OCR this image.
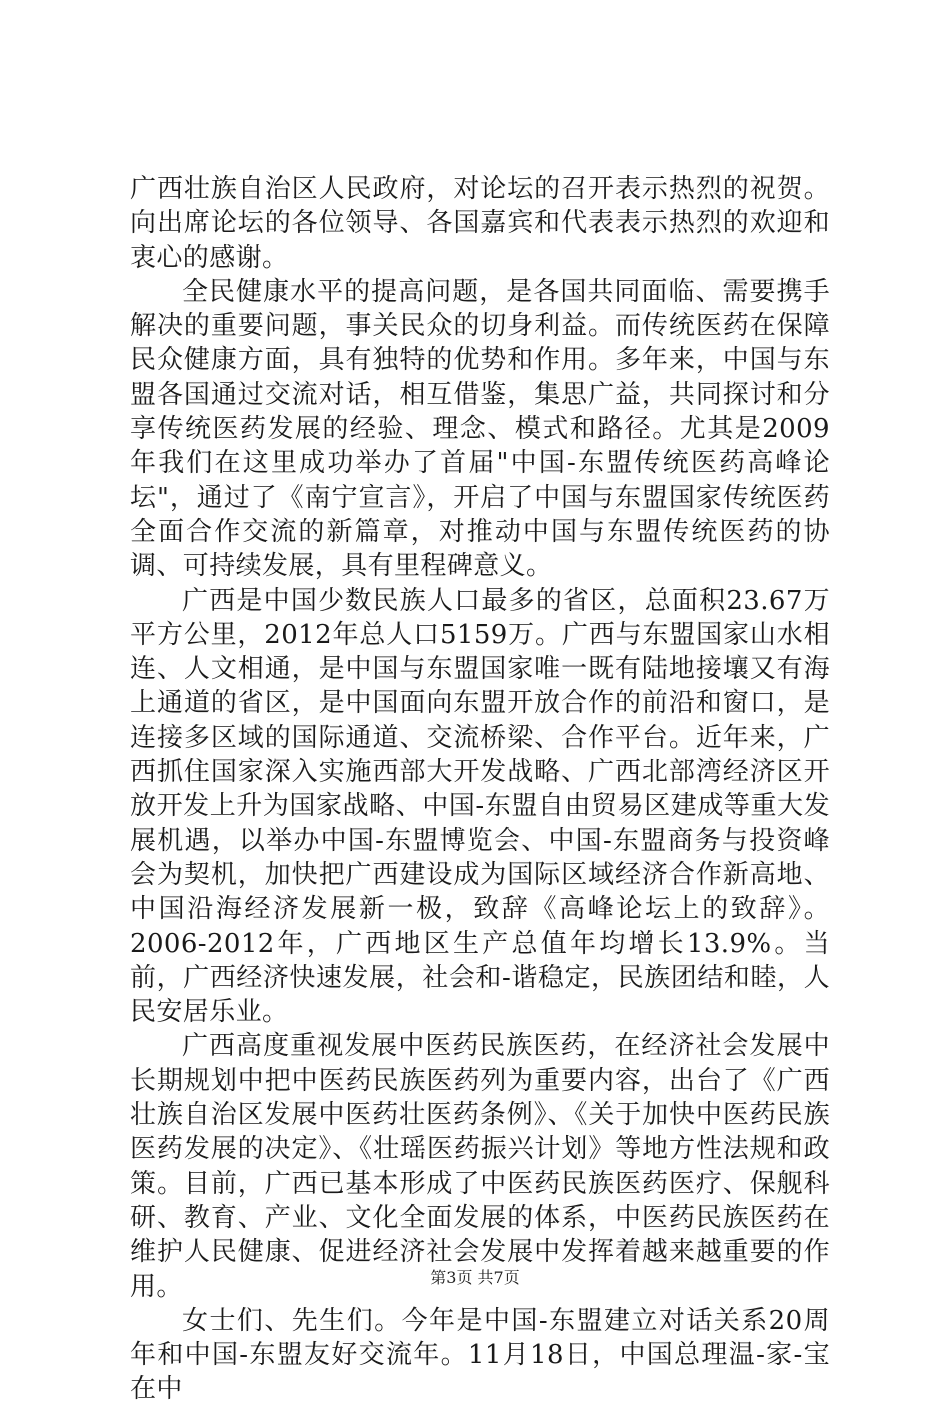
广西壮族自治区人民政府，对论坛的召开表示热烈的祝贺。向出席论坛的各位领导、各国嘉宾和代表表示热烈的欢迎和衷心的感谢。

全民健康水平的提高问题，是各国共同面临、需要携手解决的重要问题，事关民众的切身利益。而传统医药在保障民众健康方面，具有独特的优势和作用。多年来，中国与东盟各国通过交流对话，相互借鉴，集思广益，共同探讨和分享传统医药发展的经验、理念、模式和路径。尤其是2009年我们在这里成功举办了首届"中国-东盟传统医药高峰论坛"，通过了《南宁宣言》，开启了中国与东盟国家传统医药全面合作交流的新篇章，对推动中国与东盟传统医药的协调、可持续发展，具有里程碑意义。

广西是中国少数民族人口最多的省区，总面积23.67万平方公里，2012年总人口5159万。广西与东盟国家山水相连、人文相通，是中国与东盟国家唯一既有陆地接壤又有海上通道的省区，是中国面向东盟开放合作的前沿和窗口，是连接多区域的国际通道、交流桥梁、合作平台。近年来，广西抓住国家深入实施西部大开发战略、广西北部湾经济区开放开发上升为国家战略、中国-东盟自由贸易区建成等重大发展机遇，以举办中国-东盟博览会、中国-东盟商务与投资峰会为契机，加快把广西建设成为国际区域经济合作新高地、中国沿海经济发展新一极，致辞《高峰论坛上的致辞》。2006-2012年，广西地区生产总值年均增长13.9%。当前，广西经济快速发展，社会和-谐稳定，民族团结和睦，人民安居乐业。

广西高度重视发展中医药民族医药，在经济社会发展中长期规划中把中医药民族医药列为重要内容，出台了《广西壮族自治区发展中医药壮医药条例》、《关于加快中医药民族医药发展的决定》、《壮瑶医药振兴计划》等地方性法规和政策。目前，广西已基本形成了中医药民族医药医疗、保舰科研、教育、产业、文化全面发展的体系，中医药民族医药在维护人民健康、促进经济社会发展中发挥着越来越重要的作用。

女士们、先生们。今年是中国-东盟建立对话关系20周年和中国-东盟友好交流年。11月18日，中国总理温-家-宝在中

第3页 共7页
